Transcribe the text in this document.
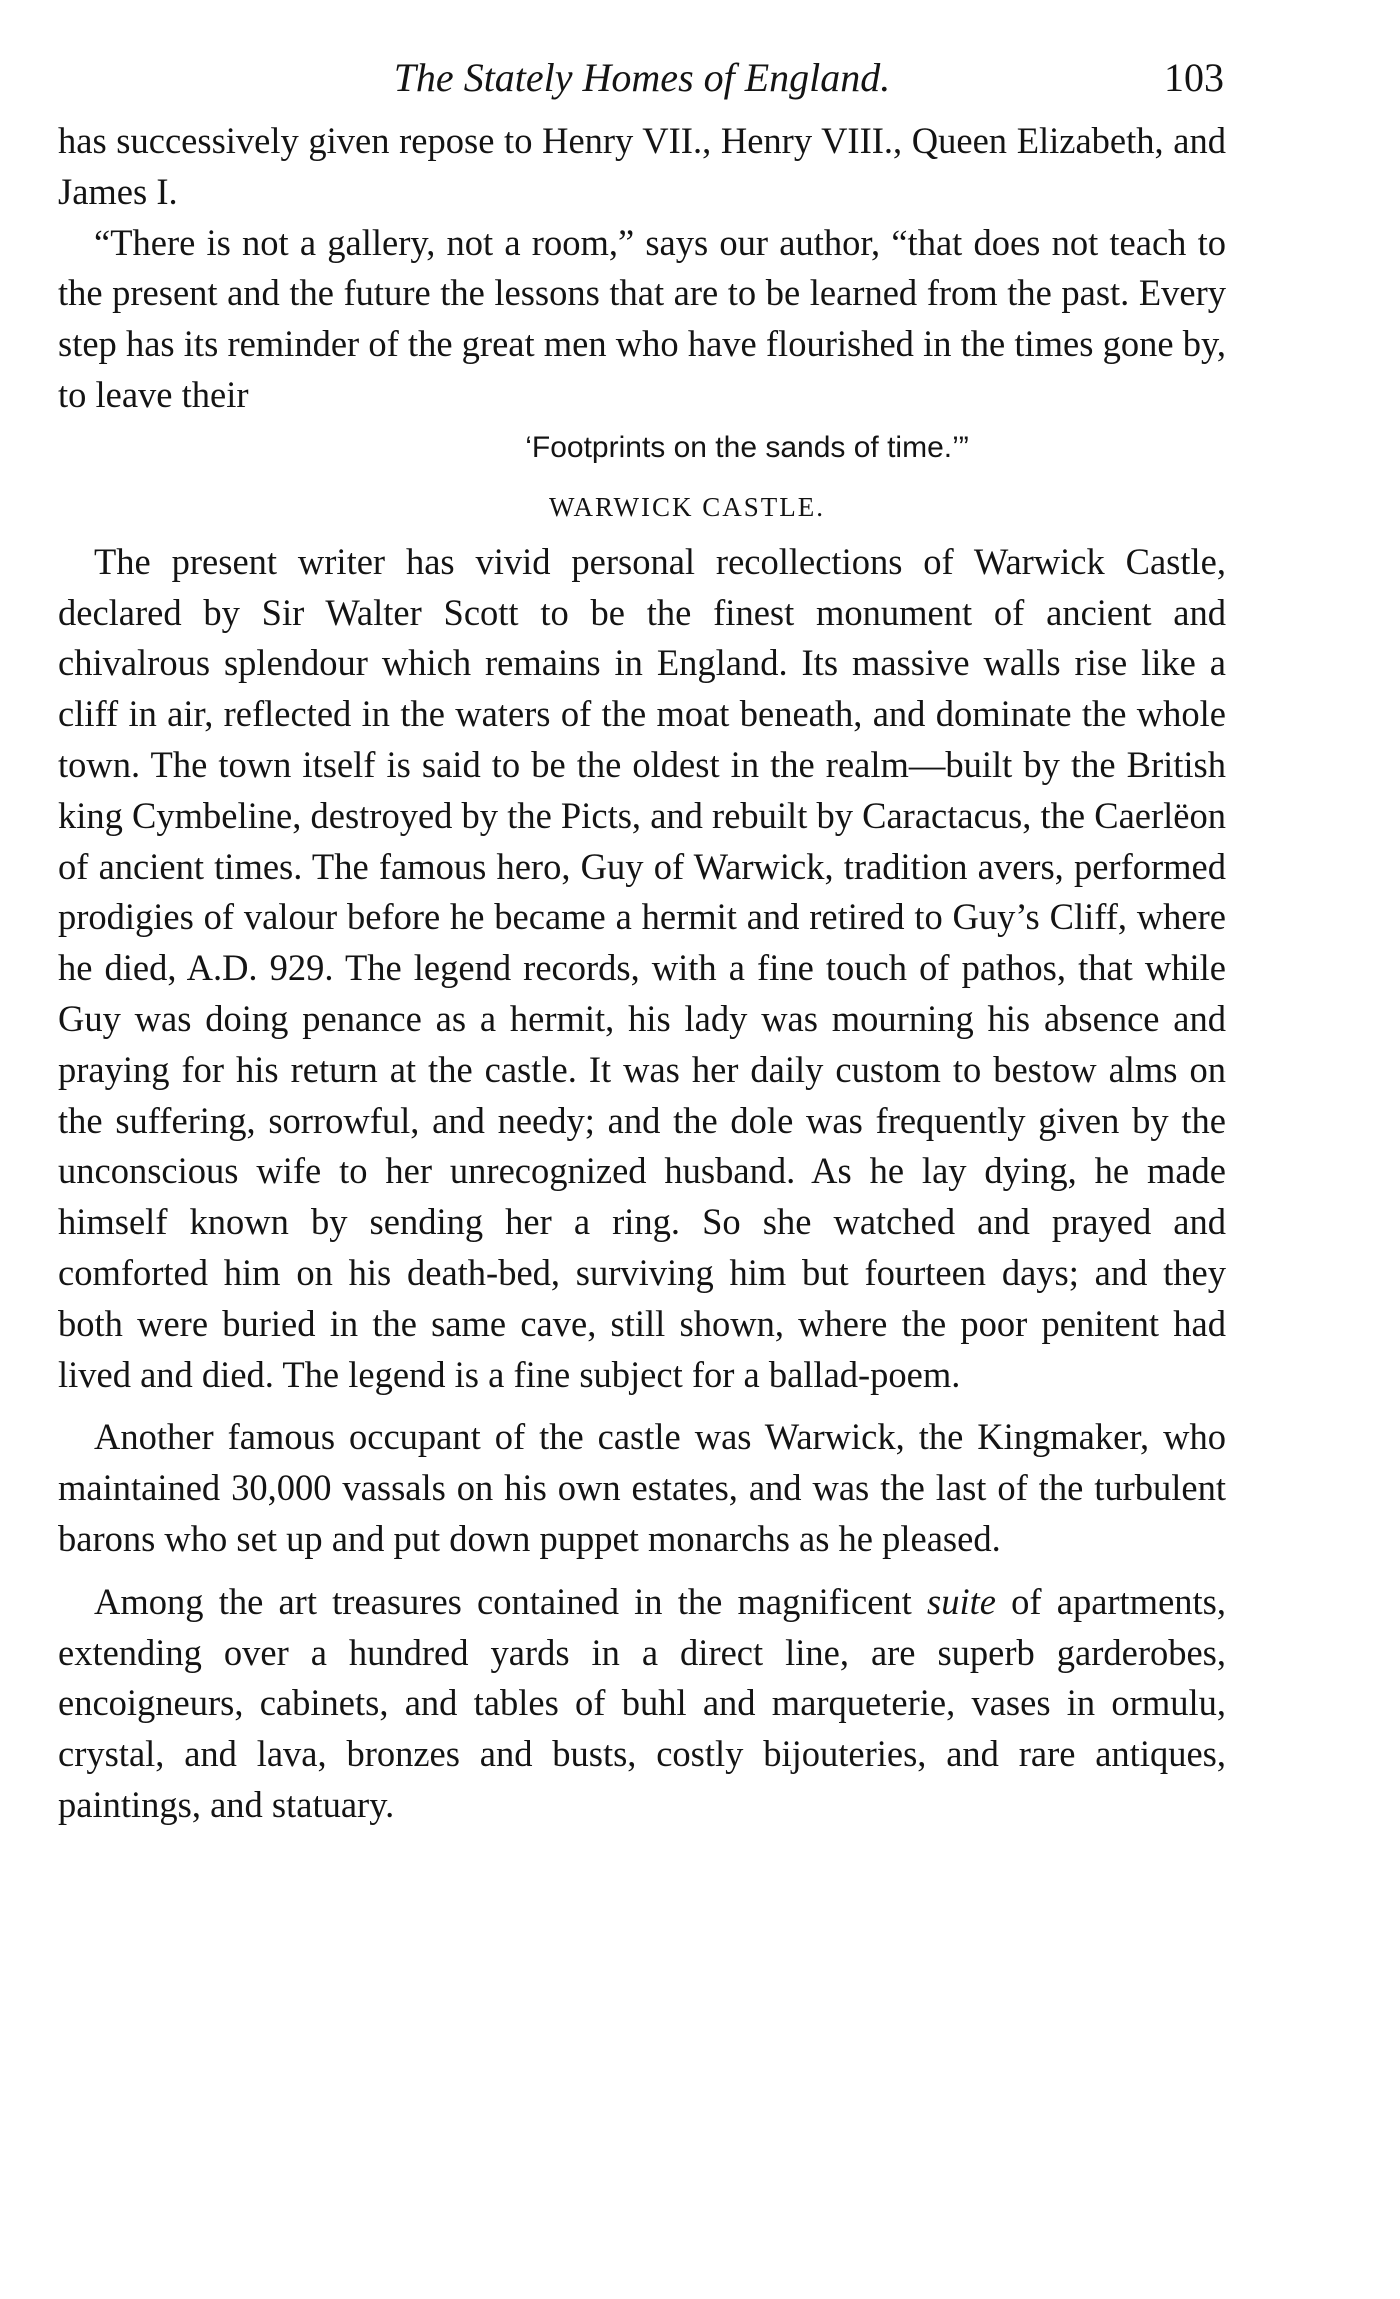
The Stately Homes of England.	103

has successively given repose to Henry VII., Henry VIII., Queen Elizabeth, and James I.

“There is not a gallery, not a room,” says our author, “that does not teach to the present and the future the lessons that are to be learned from the past. Every step has its reminder of the great men who have flourished in the times gone by, to leave their

‘Footprints on the sands of time.’”

WARWICK CASTLE.

The present writer has vivid personal recollections of Warwick Castle, declared by Sir Walter Scott to be the finest monument of ancient and chivalrous splendour which remains in England. Its massive walls rise like a cliff in air, reflected in the waters of the moat beneath, and dominate the whole town. The town itself is said to be the oldest in the realm—built by the British king Cymbeline, destroyed by the Picts, and rebuilt by Caractacus, the Caerlëon of ancient times. The famous hero, Guy of Warwick, tradition avers, performed prodigies of valour before he became a hermit and retired to Guy’s Cliff, where he died, A.D. 929. The legend records, with a fine touch of pathos, that while Guy was doing penance as a hermit, his lady was mourning his absence and praying for his return at the castle. It was her daily custom to bestow alms on the suffering, sorrowful, and needy; and the dole was frequently given by the unconscious wife to her unrecognized husband. As he lay dying, he made himself known by sending her a ring. So she watched and prayed and comforted him on his death-bed, surviving him but fourteen days; and they both were buried in the same cave, still shown, where the poor penitent had lived and died. The legend is a fine subject for a ballad-poem.

Another famous occupant of the castle was Warwick, the Kingmaker, who maintained 30,000 vassals on his own estates, and was the last of the turbulent barons who set up and put down puppet monarchs as he pleased.

Among the art treasures contained in the magnificent suite of apartments, extending over a hundred yards in a direct line, are superb garderobes, encoigneurs, cabinets, and tables of buhl and marqueterie, vases in ormulu, crystal, and lava, bronzes and busts, costly bijouteries, and rare antiques, paintings, and statuary.
